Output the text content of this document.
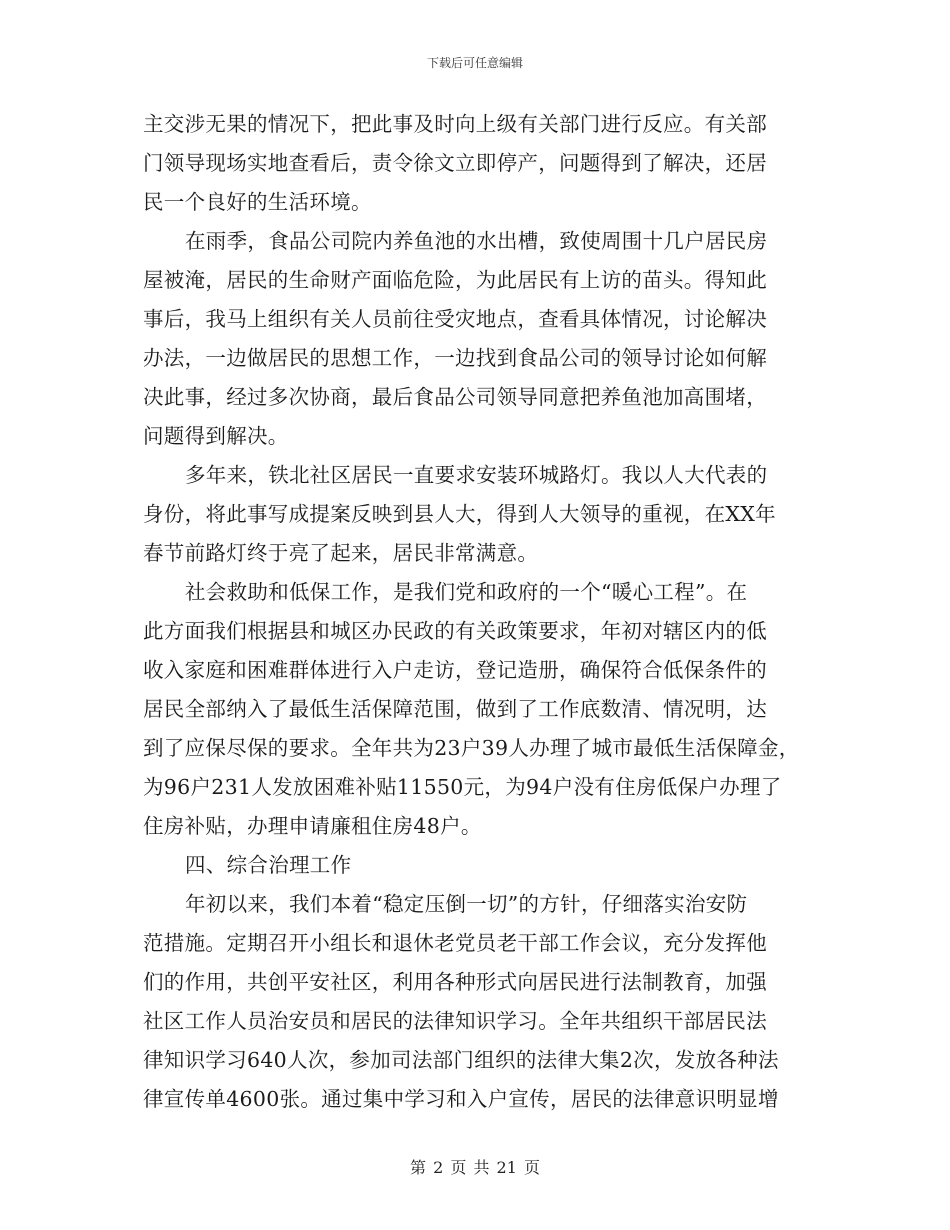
下载后可任意编辑
主交涉无果的情况下，把此事及时向上级有关部门进行反应。有关部
门领导现场实地查看后，责令徐文立即停产，问题得到了解决，还居
民一个良好的生活环境。
在雨季，食品公司院内养鱼池的水出槽，致使周围十几户居民房
屋被淹，居民的生命财产面临危险，为此居民有上访的苗头。得知此
事后，我马上组织有关人员前往受灾地点，查看具体情况，讨论解决
办法，一边做居民的思想工作，一边找到食品公司的领导讨论如何解
决此事，经过多次协商，最后食品公司领导同意把养鱼池加高围堵，
问题得到解决。
多年来，铁北社区居民一直要求安装环城路灯。我以人大代表的
身份，将此事写成提案反映到县人大，得到人大领导的重视，在XX年
春节前路灯终于亮了起来，居民非常满意。
社会救助和低保工作，是我们党和政府的一个“暖心工程”。在
此方面我们根据县和城区办民政的有关政策要求，年初对辖区内的低
收入家庭和困难群体进行入户走访，登记造册，确保符合低保条件的
居民全部纳入了最低生活保障范围，做到了工作底数清、情况明，达
到了应保尽保的要求。全年共为23户39人办理了城市最低生活保障金，
为96户231人发放困难补贴11550元，为94户没有住房低保户办理了
住房补贴，办理申请廉租住房48户。
四、综合治理工作
年初以来，我们本着“稳定压倒一切”的方针，仔细落实治安防
范措施。定期召开小组长和退休老党员老干部工作会议，充分发挥他
们的作用，共创平安社区，利用各种形式向居民进行法制教育，加强
社区工作人员治安员和居民的法律知识学习。全年共组织干部居民法
律知识学习640人次，参加司法部门组织的法律大集2次，发放各种法
律宣传单4600张。通过集中学习和入户宣传，居民的法律意识明显增
第 2 页 共 21 页
